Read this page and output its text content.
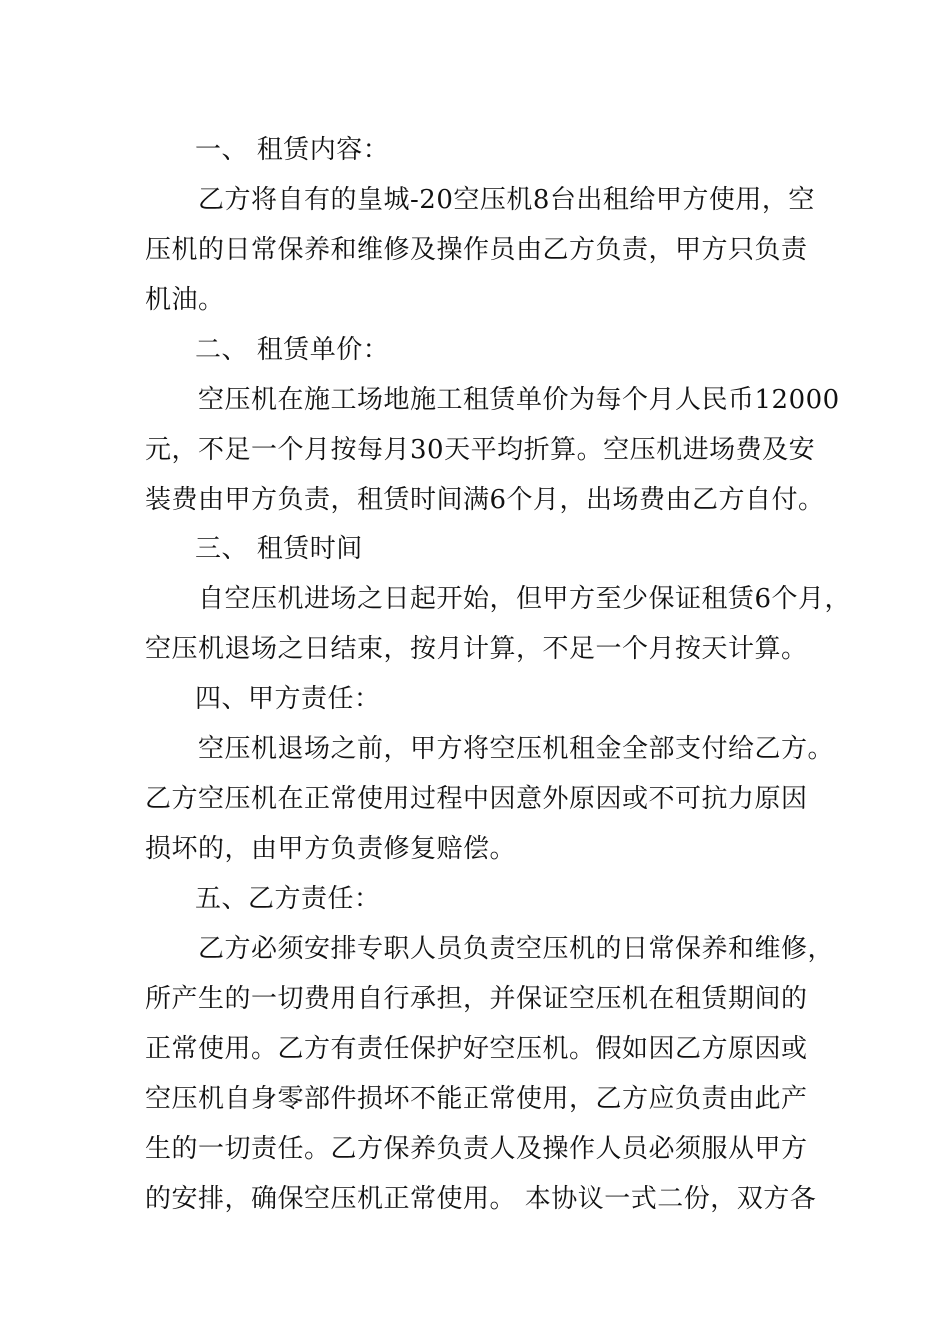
一、 租赁内容：
乙方将自有的皇城-20空压机8台出租给甲方使用，空
压机的日常保养和维修及操作员由乙方负责，甲方只负责
机油。
二、 租赁单价：
空压机在施工场地施工租赁单价为每个月人民币12000
元，不足一个月按每月30天平均折算。空压机进场费及安
装费由甲方负责，租赁时间满6个月，出场费由乙方自付。
三、 租赁时间
自空压机进场之日起开始，但甲方至少保证租赁6个月，
空压机退场之日结束，按月计算，不足一个月按天计算。
四、甲方责任：
空压机退场之前，甲方将空压机租金全部支付给乙方。
乙方空压机在正常使用过程中因意外原因或不可抗力原因
损坏的，由甲方负责修复赔偿。
五、乙方责任：
乙方必须安排专职人员负责空压机的日常保养和维修，
所产生的一切费用自行承担，并保证空压机在租赁期间的
正常使用。乙方有责任保护好空压机。假如因乙方原因或
空压机自身零部件损坏不能正常使用，乙方应负责由此产
生的一切责任。乙方保养负责人及操作人员必须服从甲方
的安排，确保空压机正常使用。 本协议一式二份，双方各
